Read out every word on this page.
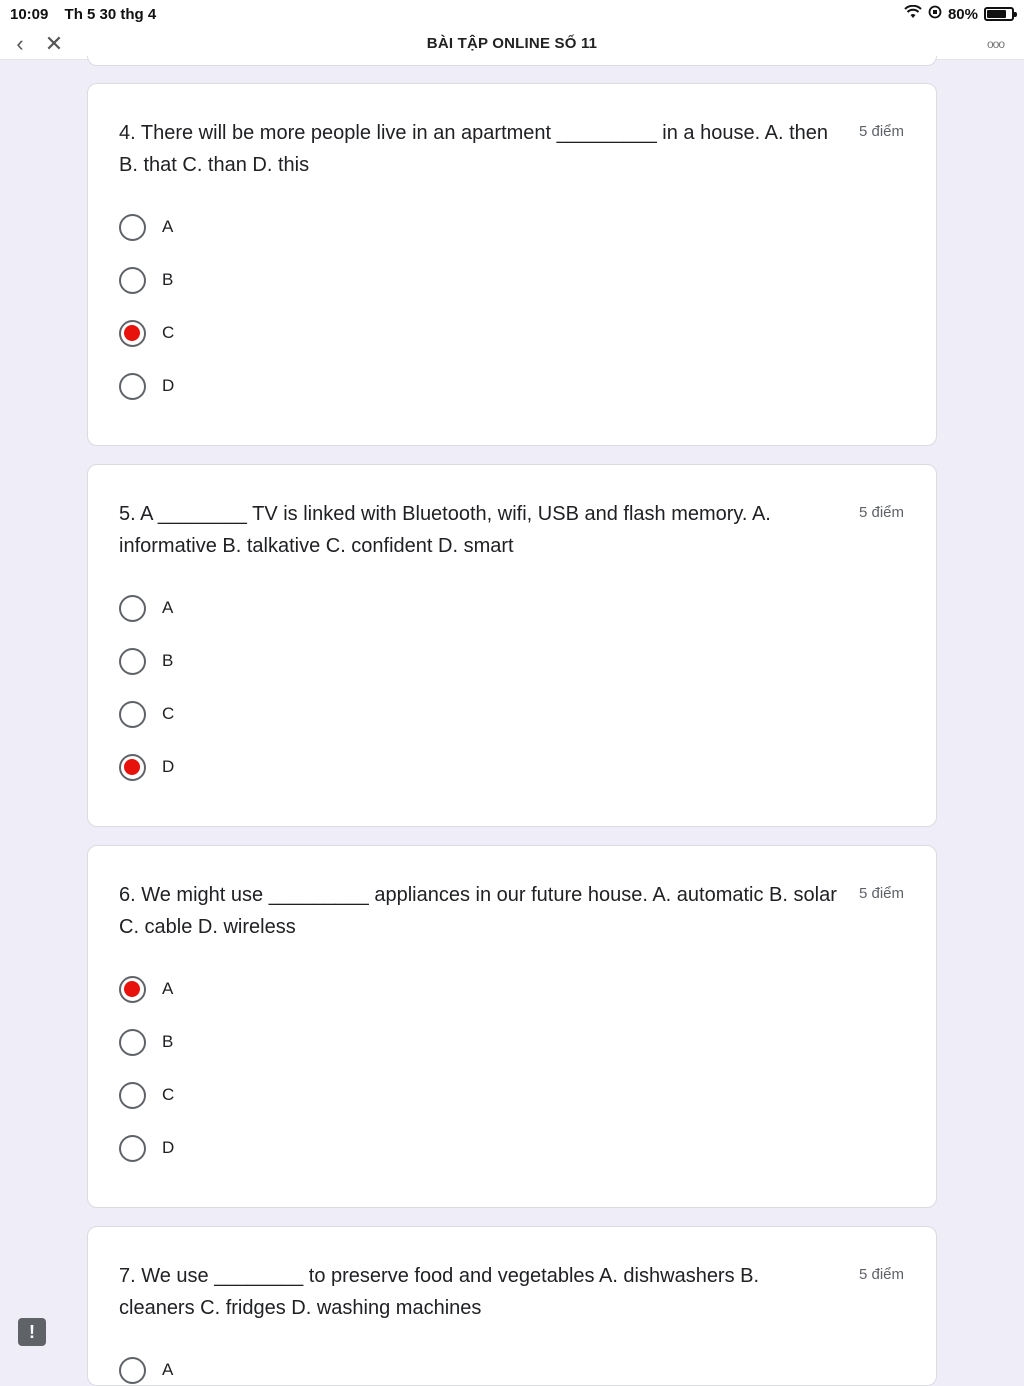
10:09 Th 5 30 thg 4	80%
‹ ✕	BÀI TẬP ONLINE SỐ 11	ooo
4. There will be more people live in an apartment _________ in a house. A. then B. that C. than D. this
5 điểm
A
B
C
D
5. A ________ TV is linked with Bluetooth, wifi, USB and flash memory. A. informative B. talkative C. confident D. smart
5 điểm
A
B
C
D
6. We might use _________ appliances in our future house. A. automatic B. solar C. cable D. wireless
5 điểm
A
B
C
D
7. We use ________ to preserve food and vegetables A. dishwashers B. cleaners C. fridges D. washing machines
5 điểm
A
!
